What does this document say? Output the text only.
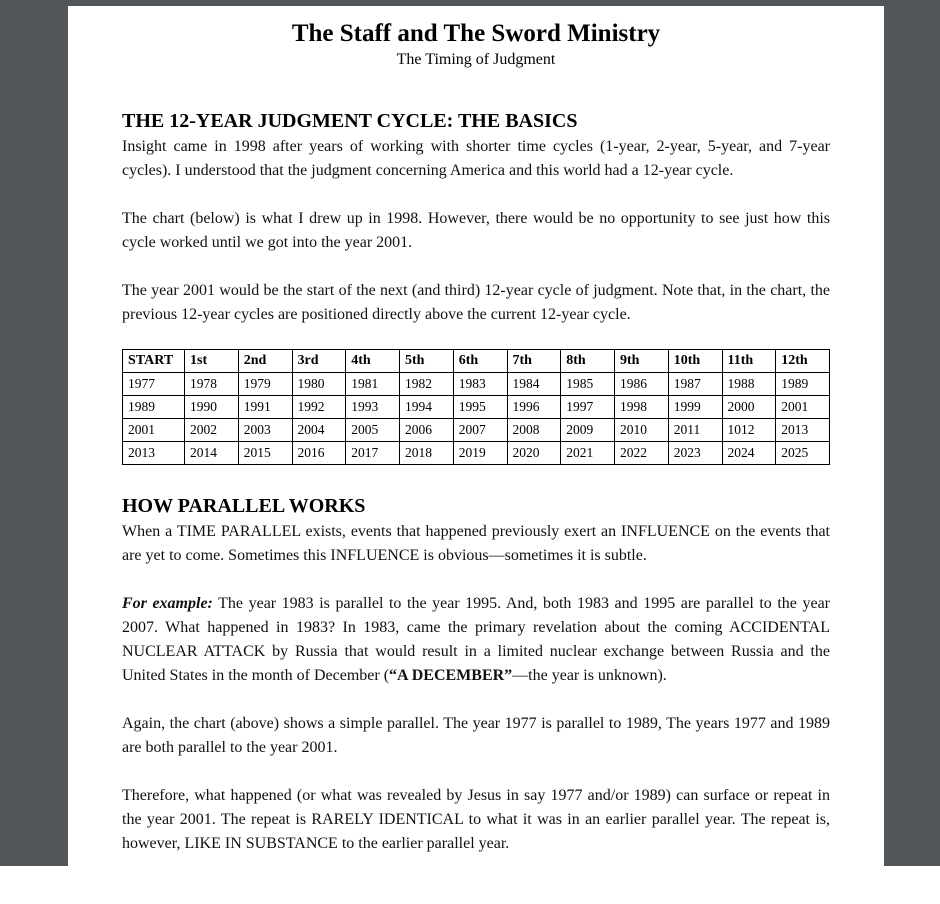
The Staff and The Sword Ministry
The Timing of Judgment
THE 12-YEAR JUDGMENT CYCLE: THE BASICS

Insight came in 1998 after years of working with shorter time cycles (1-year, 2-year, 5-year, and 7-year cycles). I understood that the judgment concerning America and this world had a 12-year cycle.

The chart (below) is what I drew up in 1998. However, there would be no opportunity to see just how this cycle worked until we got into the year 2001.

The year 2001 would be the start of the next (and third) 12-year cycle of judgment. Note that, in the chart, the previous 12-year cycles are positioned directly above the current 12-year cycle.

START	1st	2nd	3rd	4th	5th	6th	7th	8th	9th	10th	11th	12th
1977	1978	1979	1980	1981	1982	1983	1984	1985	1986	1987	1988	1989
1989	1990	1991	1992	1993	1994	1995	1996	1997	1998	1999	2000	2001
2001	2002	2003	2004	2005	2006	2007	2008	2009	2010	2011	1012	2013
2013	2014	2015	2016	2017	2018	2019	2020	2021	2022	2023	2024	2025
HOW PARALLEL WORKS

When a TIME PARALLEL exists, events that happened previously exert an INFLUENCE on the events that are yet to come. Sometimes this INFLUENCE is obvious—sometimes it is subtle.

For example: The year 1983 is parallel to the year 1995. And, both 1983 and 1995 are parallel to the year 2007. What happened in 1983? In 1983, came the primary revelation about the coming ACCIDENTAL NUCLEAR ATTACK by Russia that would result in a limited nuclear exchange between Russia and the United States in the month of December (“A DECEMBER”—the year is unknown).

Again, the chart (above) shows a simple parallel. The year 1977 is parallel to 1989, The years 1977 and 1989 are both parallel to the year 2001.

Therefore, what happened (or what was revealed by Jesus in say 1977 and/or 1989) can surface or repeat in the year 2001. The repeat is RARELY IDENTICAL to what it was in an earlier parallel year. The repeat is, however, LIKE IN SUBSTANCE to the earlier parallel year.
